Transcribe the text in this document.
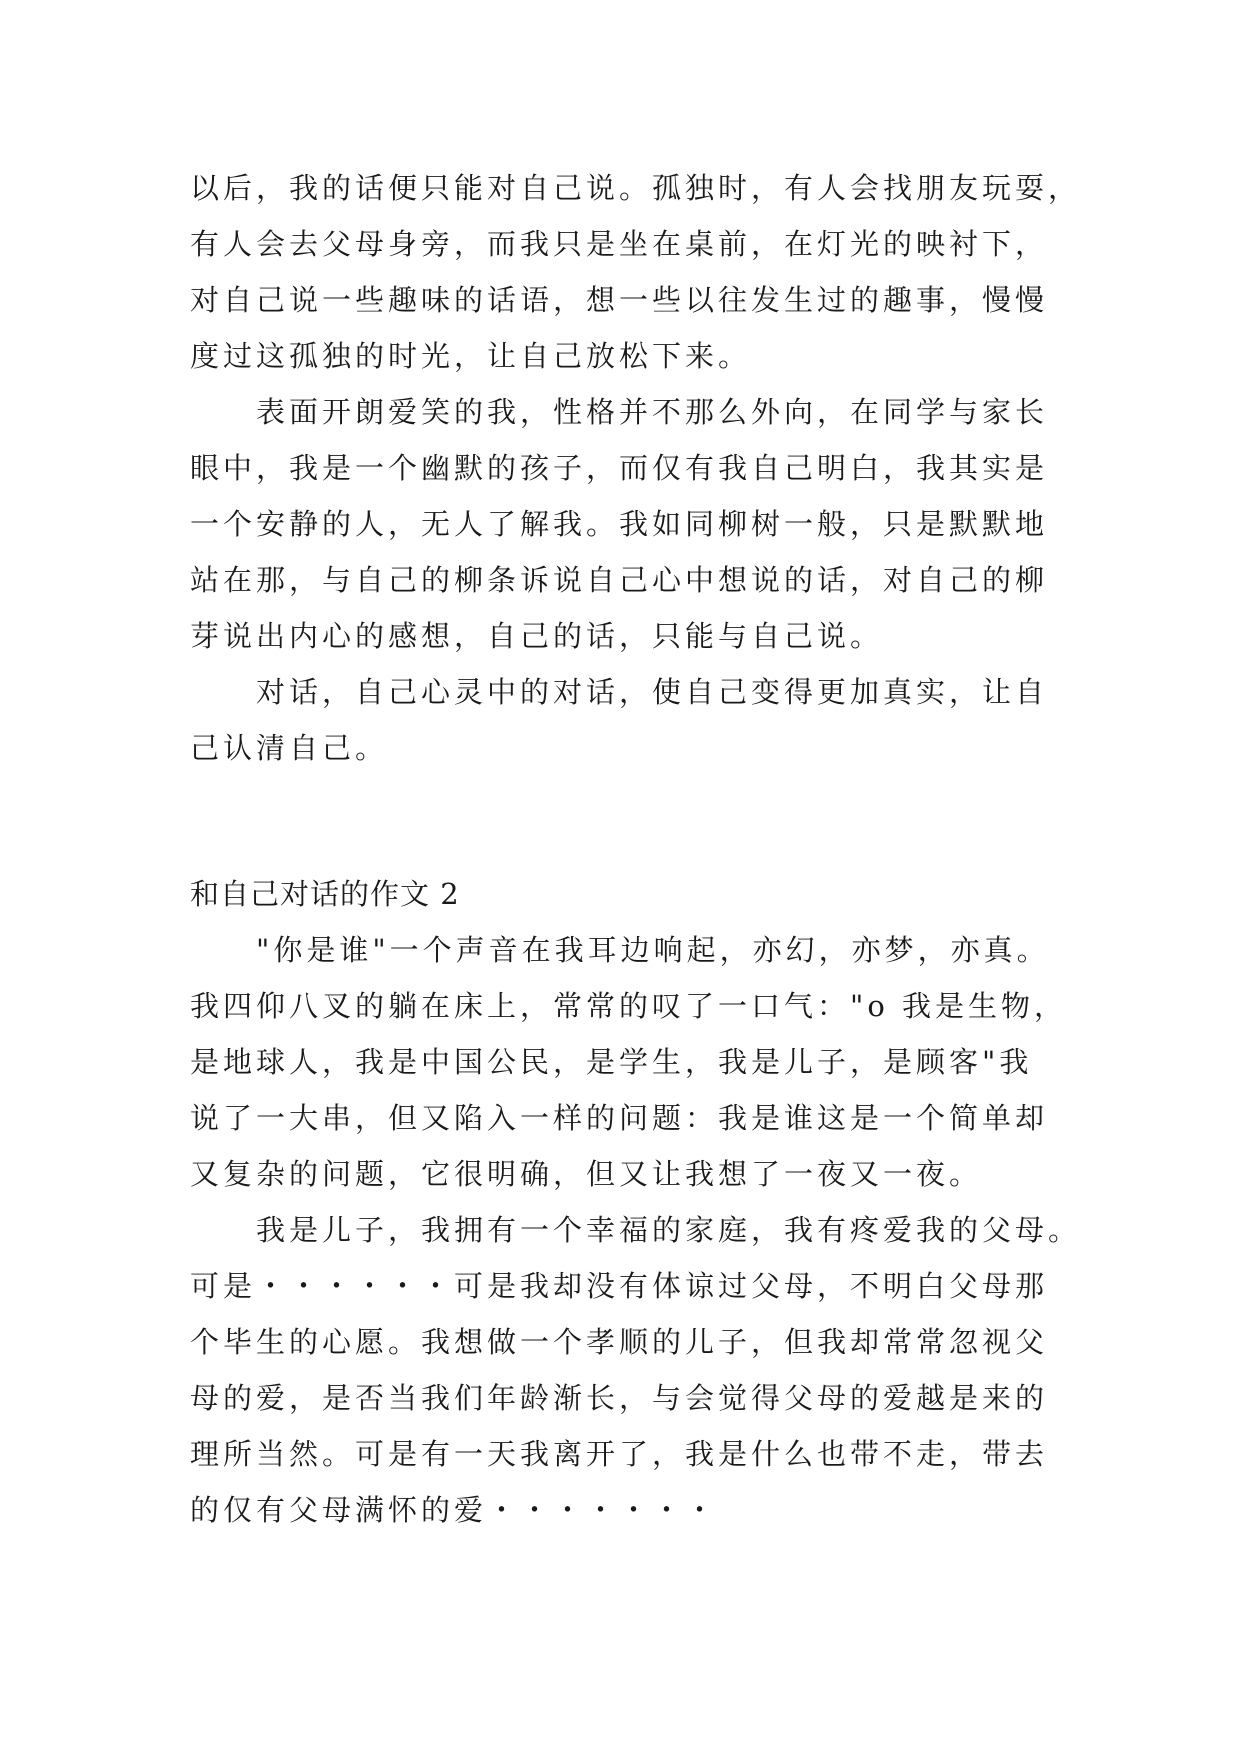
以后，我的话便只能对自己说。孤独时，有人会找朋友玩耍，
有人会去父母身旁，而我只是坐在桌前，在灯光的映衬下，
对自己说一些趣味的话语，想一些以往发生过的趣事，慢慢
度过这孤独的时光，让自己放松下来。
　　表面开朗爱笑的我，性格并不那么外向，在同学与家长
眼中，我是一个幽默的孩子，而仅有我自己明白，我其实是
一个安静的人，无人了解我。我如同柳树一般，只是默默地
站在那，与自己的柳条诉说自己心中想说的话，对自己的柳
芽说出内心的感想，自己的话，只能与自己说。
　　对话，自己心灵中的对话，使自己变得更加真实，让自
己认清自己。
和自己对话的作文 2
　　"你是谁"一个声音在我耳边响起，亦幻，亦梦，亦真。
我四仰八叉的躺在床上，常常的叹了一口气："o 我是生物，
是地球人，我是中国公民，是学生，我是儿子，是顾客"我
说了一大串，但又陷入一样的问题：我是谁这是一个简单却
又复杂的问题，它很明确，但又让我想了一夜又一夜。
　　我是儿子，我拥有一个幸福的家庭，我有疼爱我的父母。
可是・・・・・・可是我却没有体谅过父母，不明白父母那
个毕生的心愿。我想做一个孝顺的儿子，但我却常常忽视父
母的爱，是否当我们年龄渐长，与会觉得父母的爱越是来的
理所当然。可是有一天我离开了，我是什么也带不走，带去
的仅有父母满怀的爱・・・・・・・
